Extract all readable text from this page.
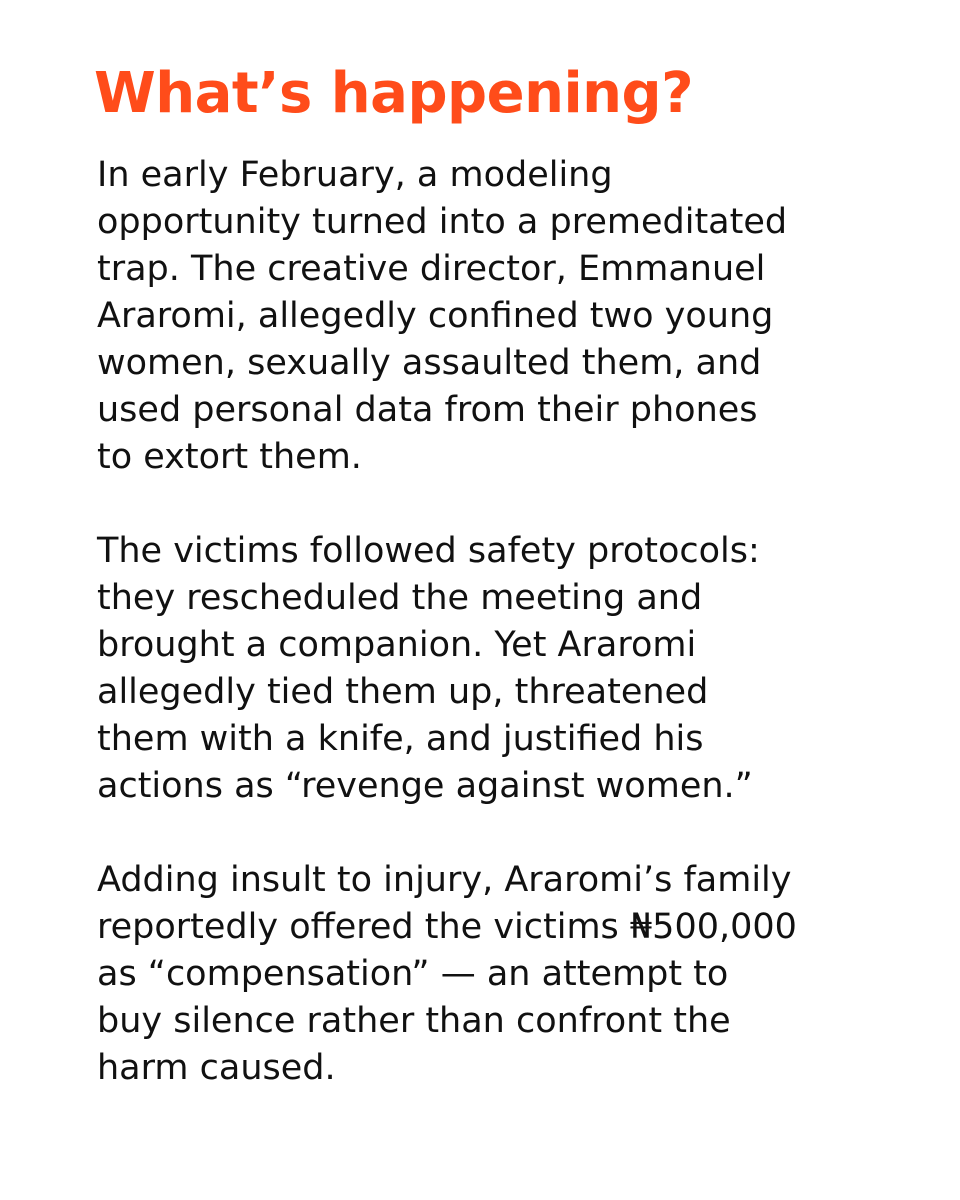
What’s happening?
In early February, a modeling
opportunity turned into a premeditated
trap. The creative director, Emmanuel
Araromi, allegedly confined two young
women, sexually assaulted them, and
used personal data from their phones
to extort them.
The victims followed safety protocols:
they rescheduled the meeting and
brought a companion. Yet Araromi
allegedly tied them up, threatened
them with a knife, and justified his
actions as “revenge against women.”
Adding insult to injury, Araromi’s family
reportedly offered the victims ₦500,000
as “compensation” — an attempt to
buy silence rather than confront the
harm caused.
